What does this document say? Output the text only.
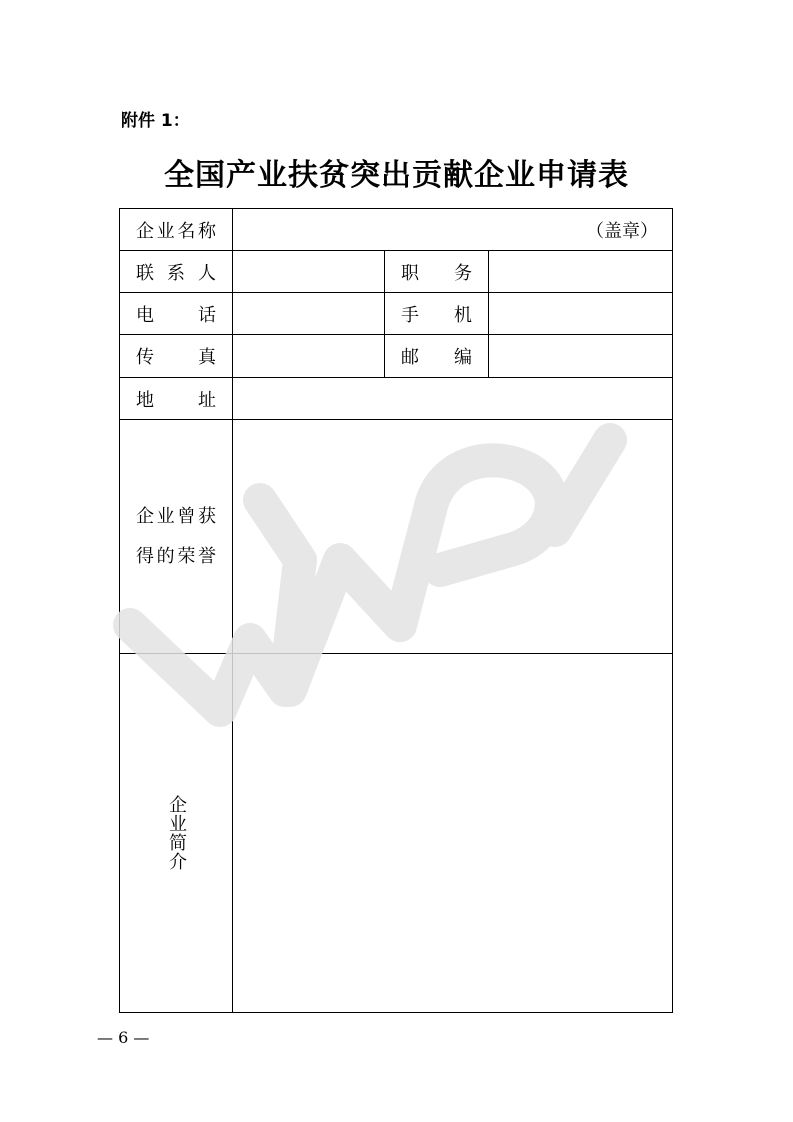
附件 1：
全国产业扶贫突出贡献企业申请表
企业名称	（盖章）		
联系人		职务	
电话		手机	
传真		邮编	
地址			

企业曾获
得的荣誉			

企业简介			

— 6 —
